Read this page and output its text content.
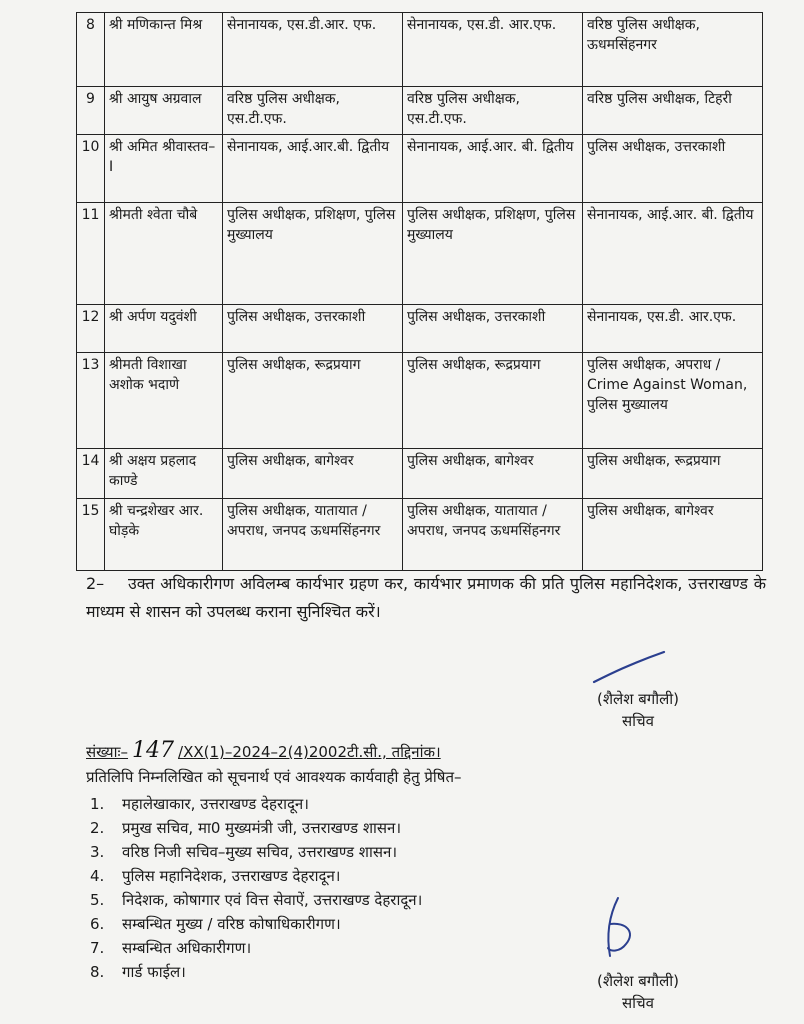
8	श्री मणिकान्त मिश्र	सेनानायक, एस.डी.आर. एफ.	सेनानायक, एस.डी. आर.एफ.	वरिष्ठ पुलिस अधीक्षक, ऊधमसिंहनगर
9	श्री आयुष अग्रवाल	वरिष्ठ पुलिस अधीक्षक, एस.टी.एफ.	वरिष्ठ पुलिस अधीक्षक, एस.टी.एफ.	वरिष्ठ पुलिस अधीक्षक, टिहरी
10	श्री अमित श्रीवास्तव–I	सेनानायक, आई.आर.बी. द्वितीय	सेनानायक, आई.आर. बी. द्वितीय	पुलिस अधीक्षक, उत्तरकाशी
11	श्रीमती श्वेता चौबे	पुलिस अधीक्षक, प्रशिक्षण, पुलिस मुख्यालय	पुलिस अधीक्षक, प्रशिक्षण, पुलिस मुख्यालय	सेनानायक, आई.आर. बी. द्वितीय
12	श्री अर्पण यदुवंशी	पुलिस अधीक्षक, उत्तरकाशी	पुलिस अधीक्षक, उत्तरकाशी	सेनानायक, एस.डी. आर.एफ.
13	श्रीमती विशाखा अशोक भदाणे	पुलिस अधीक्षक, रूद्रप्रयाग	पुलिस अधीक्षक, रूद्रप्रयाग	पुलिस अधीक्षक, अपराध / Crime Against Woman, पुलिस मुख्यालय
14	श्री अक्षय प्रहलाद काण्डे	पुलिस अधीक्षक, बागेश्वर	पुलिस अधीक्षक, बागेश्वर	पुलिस अधीक्षक, रूद्रप्रयाग
15	श्री चन्द्रशेखर आर. घोड़के	पुलिस अधीक्षक, यातायात / अपराध, जनपद ऊधमसिंहनगर	पुलिस अधीक्षक, यातायात / अपराध, जनपद ऊधमसिंहनगर	पुलिस अधीक्षक, बागेश्वर
2– उक्त अधिकारीगण अविलम्ब कार्यभार ग्रहण कर, कार्यभार प्रमाणक की प्रति पुलिस महानिदेशक, उत्तराखण्ड के माध्यम से शासन को उपलब्ध कराना सुनिश्चित करें।
(शैलेश बगौली)
सचिव
संख्याः– 147 /XX(1)–2024–2(4)2002टी.सी., तद्दिनांक।
प्रतिलिपि निम्नलिखित को सूचनार्थ एवं आवश्यक कार्यवाही हेतु प्रेषित–
1.	महालेखाकार, उत्तराखण्ड देहरादून।
2.	प्रमुख सचिव, मा0 मुख्यमंत्री जी, उत्तराखण्ड शासन।
3.	वरिष्ठ निजी सचिव–मुख्य सचिव, उत्तराखण्ड शासन।
4.	पुलिस महानिदेशक, उत्तराखण्ड देहरादून।
5.	निदेशक, कोषागार एवं वित्त सेवाऐं, उत्तराखण्ड देहरादून।
6.	सम्बन्धित मुख्य / वरिष्ठ कोषाधिकारीगण।
7.	सम्बन्धित अधिकारीगण।
8.	गार्ड फाईल।	(शैलेश बगौली)
सचिव
